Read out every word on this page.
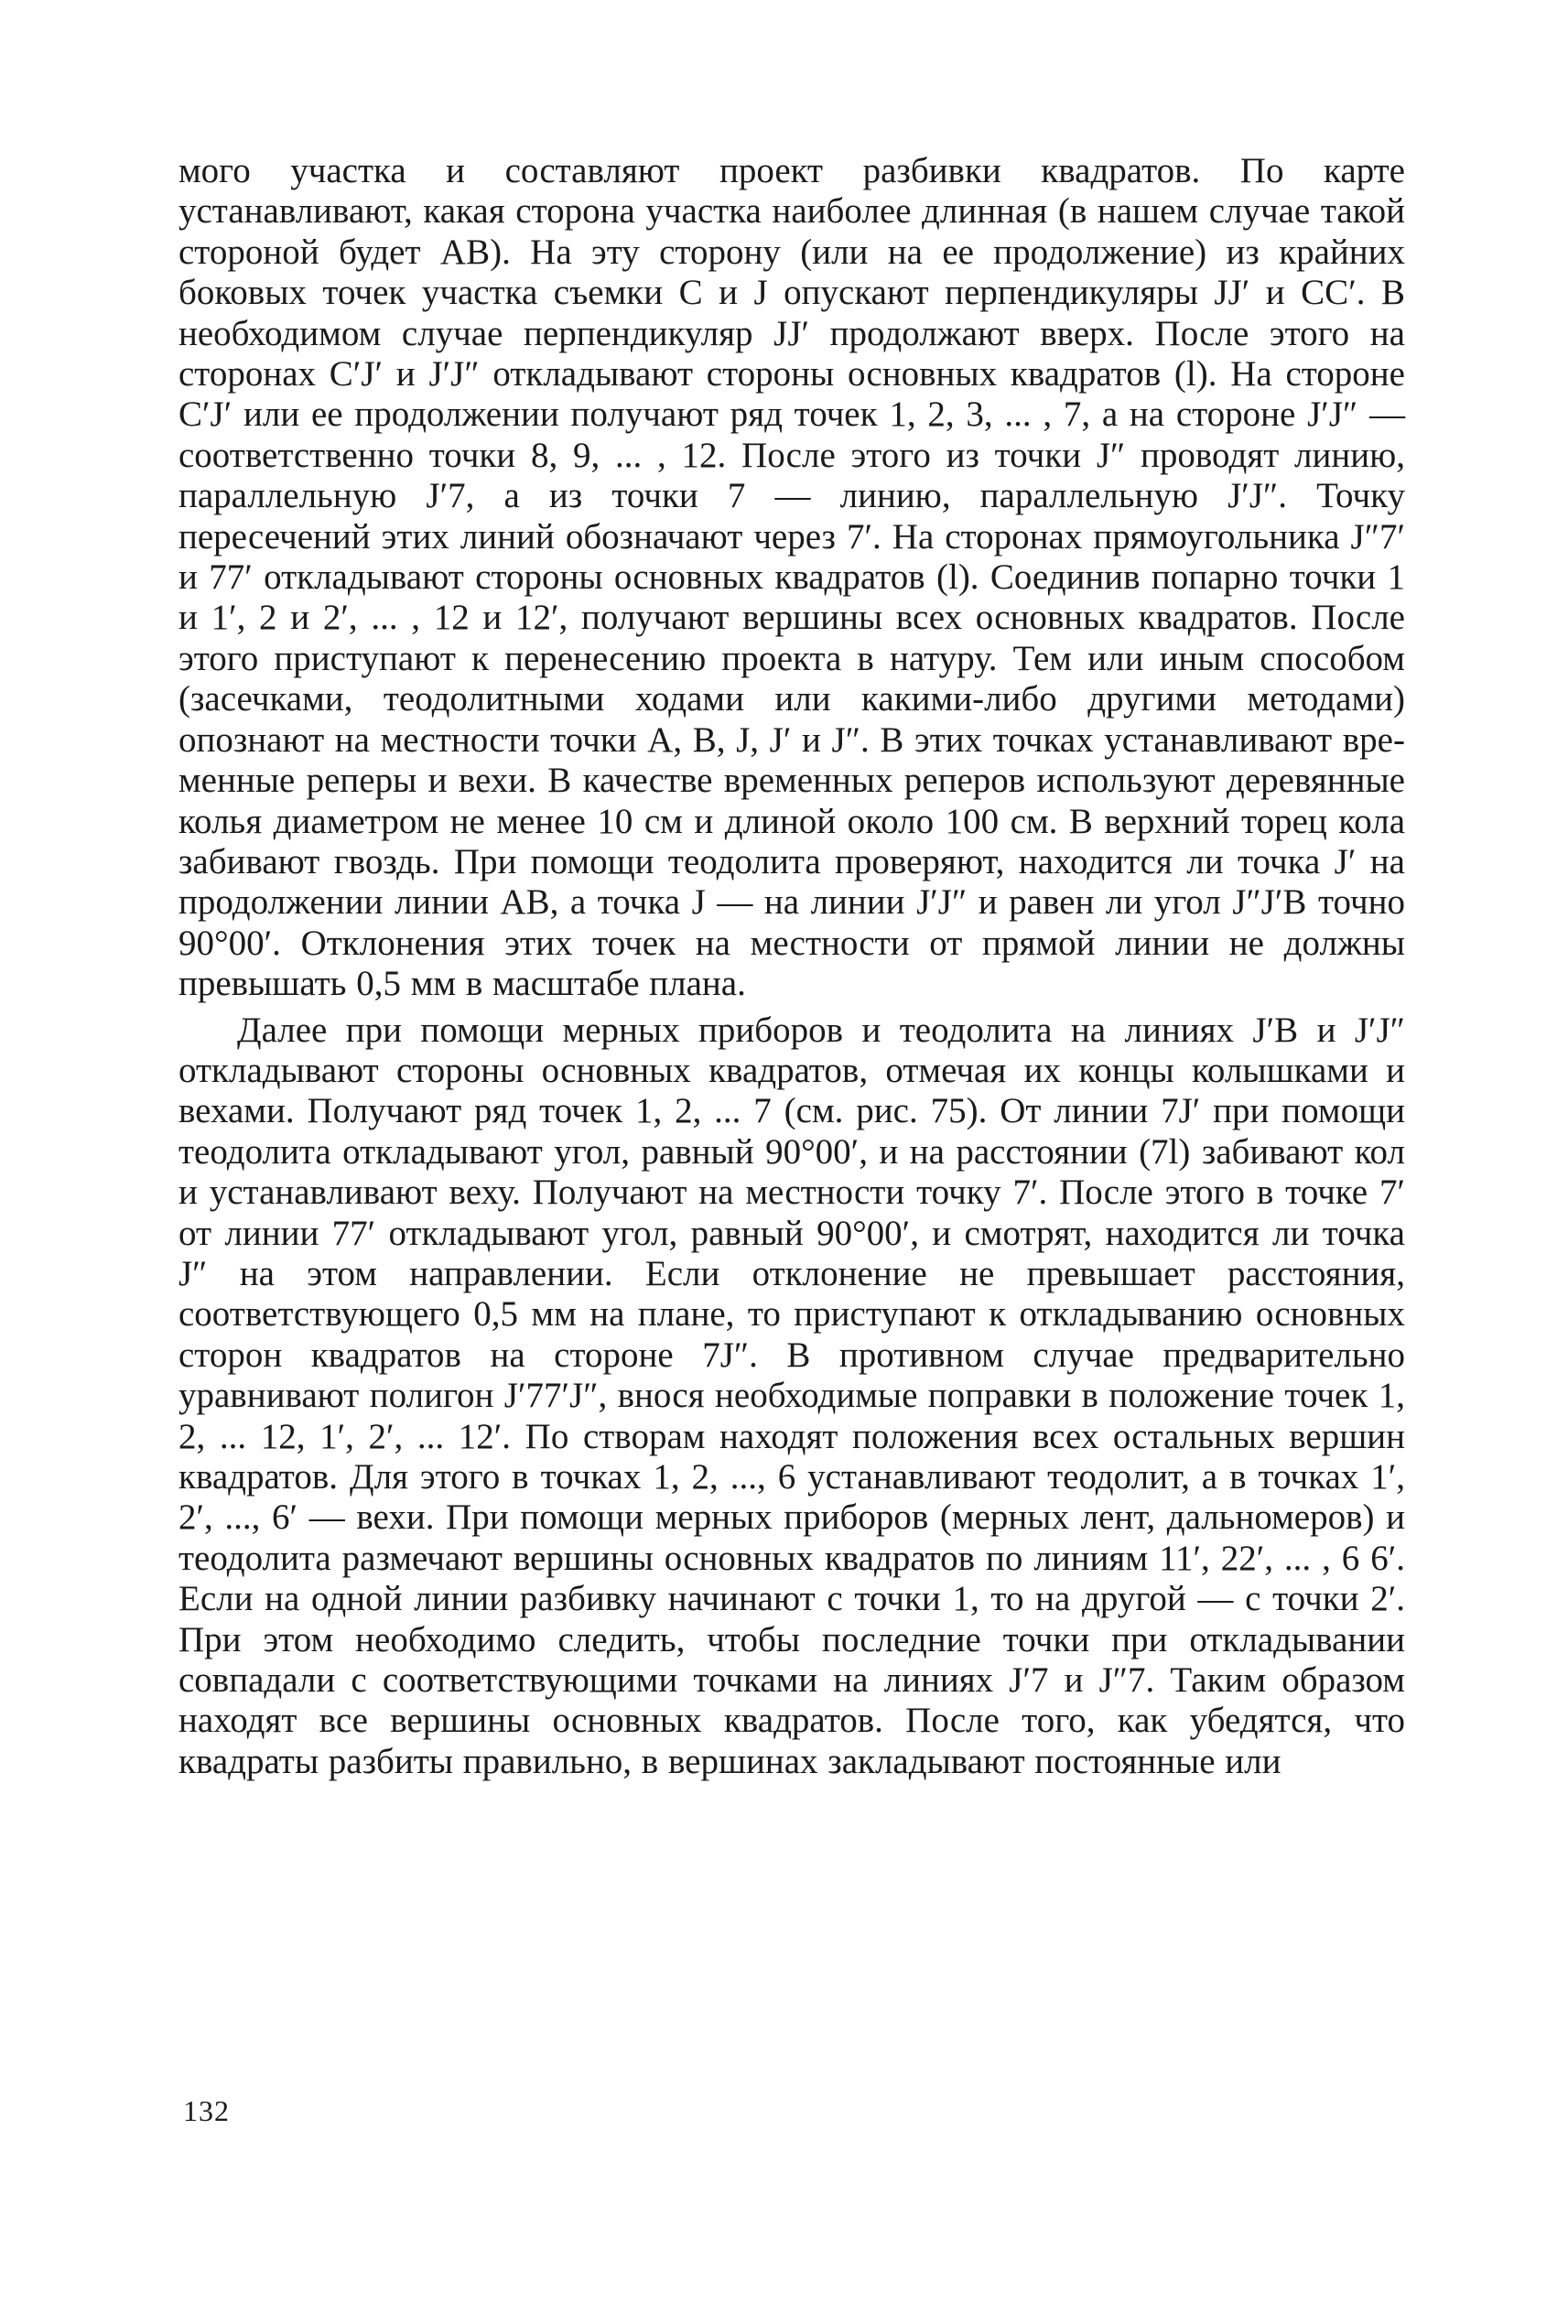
мого участка и составляют проект разбивки квадратов. По карте устанавливают, какая сторона участка наиболее длинная (в нашем случае такой стороной будет AB). На эту сторону (или на ее продолжение) из крайних боковых точек участка съемки C и J опускают перпендикуляры JJ′ и CC′. В необходимом случае перпендикуляр JJ′ продолжают вверх. После этого на сторонах C′J′ и J′J″ откладывают стороны основных квадратов (l). На стороне C′J′ или ее продолжении получают ряд точек 1, 2, 3, ... , 7, а на стороне J′J″ — соответственно точки 8, 9, ... , 12. После этого из точки J″ проводят линию, параллельную J′7, а из точки 7 — линию, параллельную J′J″. Точку пересечений этих линий обозначают через 7′. На сторонах прямоугольника J″7′ и 77′ откладывают стороны основных квадратов (l). Соединив попарно точки 1 и 1′, 2 и 2′, ... , 12 и 12′, получают вершины всех основных квадратов. После этого приступают к перенесению проекта в натуру. Тем или иным способом (засечками, теодолитными ходами или какими-либо другими методами) опознают на местности точки A, B, J, J′ и J″. В этих точках устанавливают временные реперы и вехи. В качестве временных реперов используют деревянные колья диаметром не менее 10 см и длиной около 100 см. В верхний торец кола забивают гвоздь. При помощи теодолита проверяют, находится ли точка J′ на продолжении линии AB, а точка J — на линии J′J″ и равен ли угол J″J′B точно 90°00′. Отклонения этих точек на местности от прямой линии не должны превышать 0,5 мм в масштабе плана.

Далее при помощи мерных приборов и теодолита на линиях J′B и J′J″ откладывают стороны основных квадратов, отмечая их концы колышками и вехами. Получают ряд точек 1, 2, ... 7 (см. рис. 75). От линии 7J′ при помощи теодолита откладывают угол, равный 90°00′, и на расстоянии (7l) забивают кол и устанавливают веху. Получают на местности точку 7′. После этого в точке 7′ от линии 77′ откладывают угол, равный 90°00′, и смотрят, находится ли точка J″ на этом направлении. Если отклонение не превышает расстояния, соответствующего 0,5 мм на плане, то приступают к откладыванию основных сторон квадратов на стороне 7J″. В противном случае предварительно уравнивают полигон J′77′J″, внося необходимые поправки в положение точек 1, 2, ... 12, 1′, 2′, ... 12′. По створам находят положения всех остальных вершин квадратов. Для этого в точках 1, 2, ..., 6 устанавливают теодолит, а в точках 1′, 2′, ..., 6′ — вехи. При помощи мерных приборов (мерных лент, дальномеров) и теодолита размечают вершины основных квадратов по линиям 11′, 22′, ... , 6 6′. Если на одной линии разбивку начинают с точки 1, то на другой — с точки 2′. При этом необходимо следить, чтобы последние точки при откладывании совпадали с соответствующими точками на линиях J′7 и J″7. Таким образом находят все вершины основных квадратов. После того, как убедятся, что квадраты разбиты правильно, в вершинах закладывают постоянные или

132
